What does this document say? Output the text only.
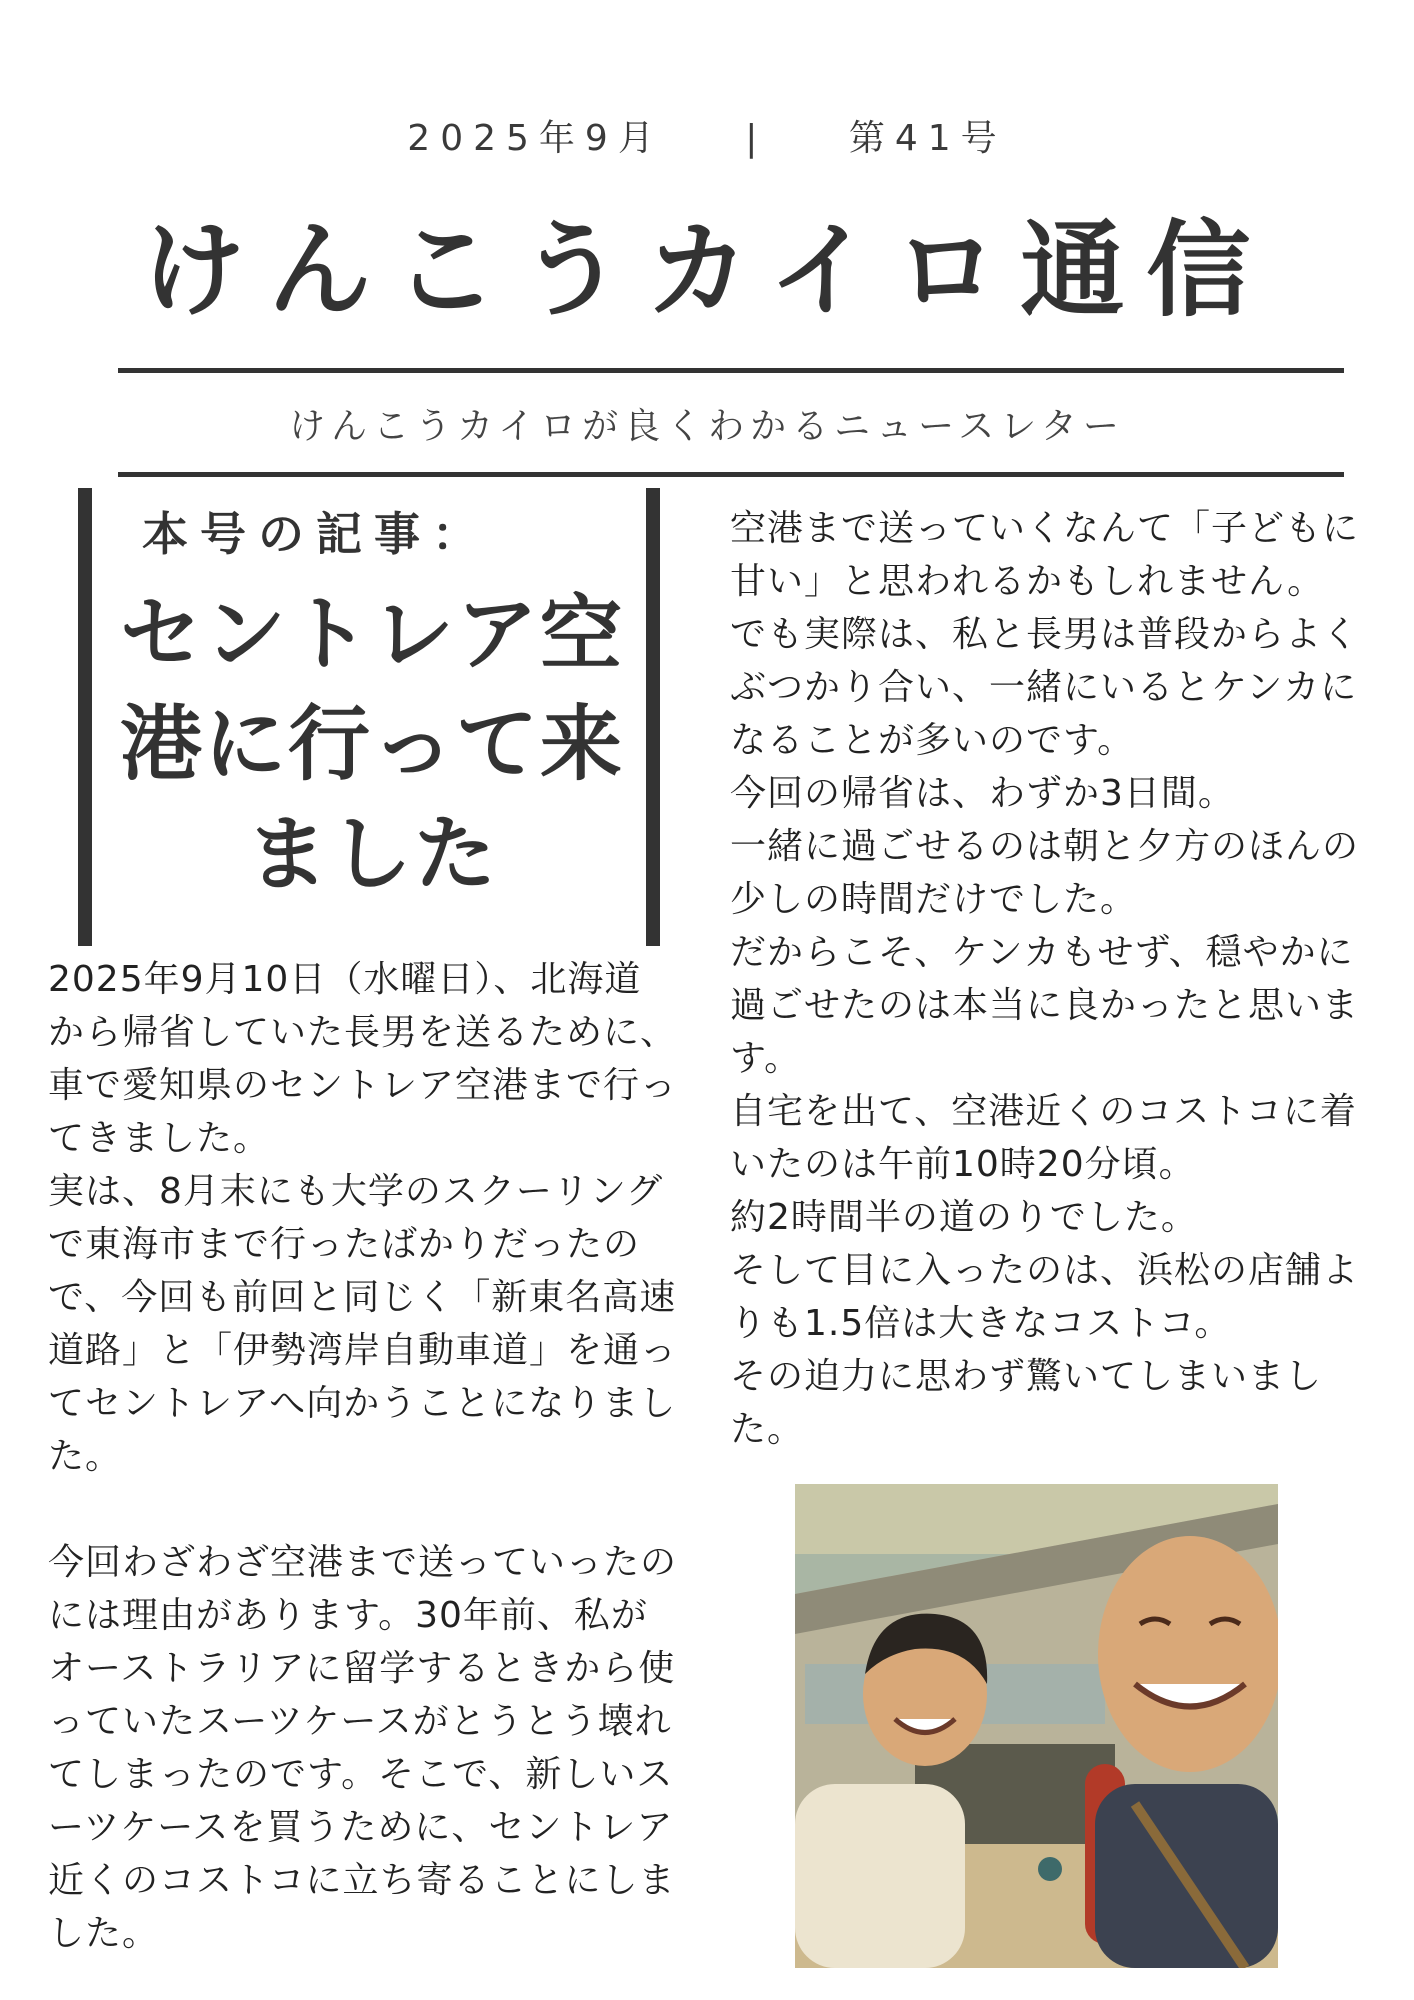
2025年9月 | 第41号
けんこうカイロ通信
けんこうカイロが良くわかるニュースレター
本号の記事：
セントレア空
港に行って来
ました

2025年9月10日（水曜日）、北海道から帰省していた長男を送るために、車で愛知県のセントレア空港まで行ってきました。

実は、8月末にも大学のスクーリングで東海市まで行ったばかりだったので、今回も前回と同じく「新東名高速道路」と「伊勢湾岸自動車道」を通ってセントレアへ向かうことになりました。

今回わざわざ空港まで送っていったのには理由があります。30年前、私がオーストラリアに留学するときから使っていたスーツケースがとうとう壊れてしまったのです。そこで、新しいスーツケースを買うために、セントレア近くのコストコに立ち寄ることにしました。

空港まで送っていくなんて「子どもに甘い」と思われるかもしれません。でも実際は、私と長男は普段からよくぶつかり合い、一緒にいるとケンカになることが多いのです。

今回の帰省は、わずか3日間。

一緒に過ごせるのは朝と夕方のほんの少しの時間だけでした。

だからこそ、ケンカもせず、穏やかに過ごせたのは本当に良かったと思います。

自宅を出て、空港近くのコストコに着いたのは午前10時20分頃。

約2時間半の道のりでした。

そして目に入ったのは、浜松の店舗よりも1.5倍は大きなコストコ。

その迫力に思わず驚いてしまいました。
